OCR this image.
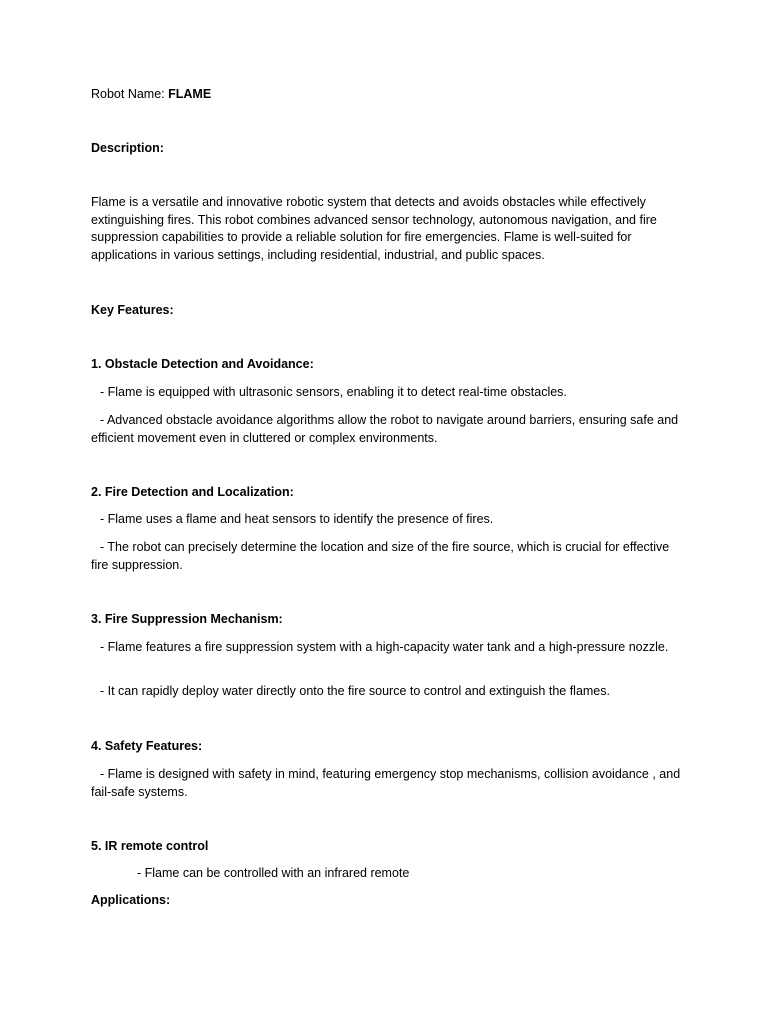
Robot Name: FLAME

Description:

Flame is a versatile and innovative robotic system that detects and avoids obstacles while effectively extinguishing fires. This robot combines advanced sensor technology, autonomous navigation, and fire suppression capabilities to provide a reliable solution for fire emergencies. Flame is well-suited for applications in various settings, including residential, industrial, and public spaces.

Key Features:

1. Obstacle Detection and Avoidance:

- Flame is equipped with ultrasonic sensors, enabling it to detect real-time obstacles.

- Advanced obstacle avoidance algorithms allow the robot to navigate around barriers, ensuring safe and efficient movement even in cluttered or complex environments.

2. Fire Detection and Localization:

- Flame uses a flame and heat sensors to identify the presence of fires.

- The robot can precisely determine the location and size of the fire source, which is crucial for effective fire suppression.

3. Fire Suppression Mechanism:

- Flame features a fire suppression system with a high-capacity water tank and a high-pressure nozzle.

- It can rapidly deploy water directly onto the fire source to control and extinguish the flames.

4. Safety Features:

- Flame is designed with safety in mind, featuring emergency stop mechanisms, collision avoidance , and fail-safe systems.

5. IR remote control

- Flame can be controlled with an infrared remote

Applications:
